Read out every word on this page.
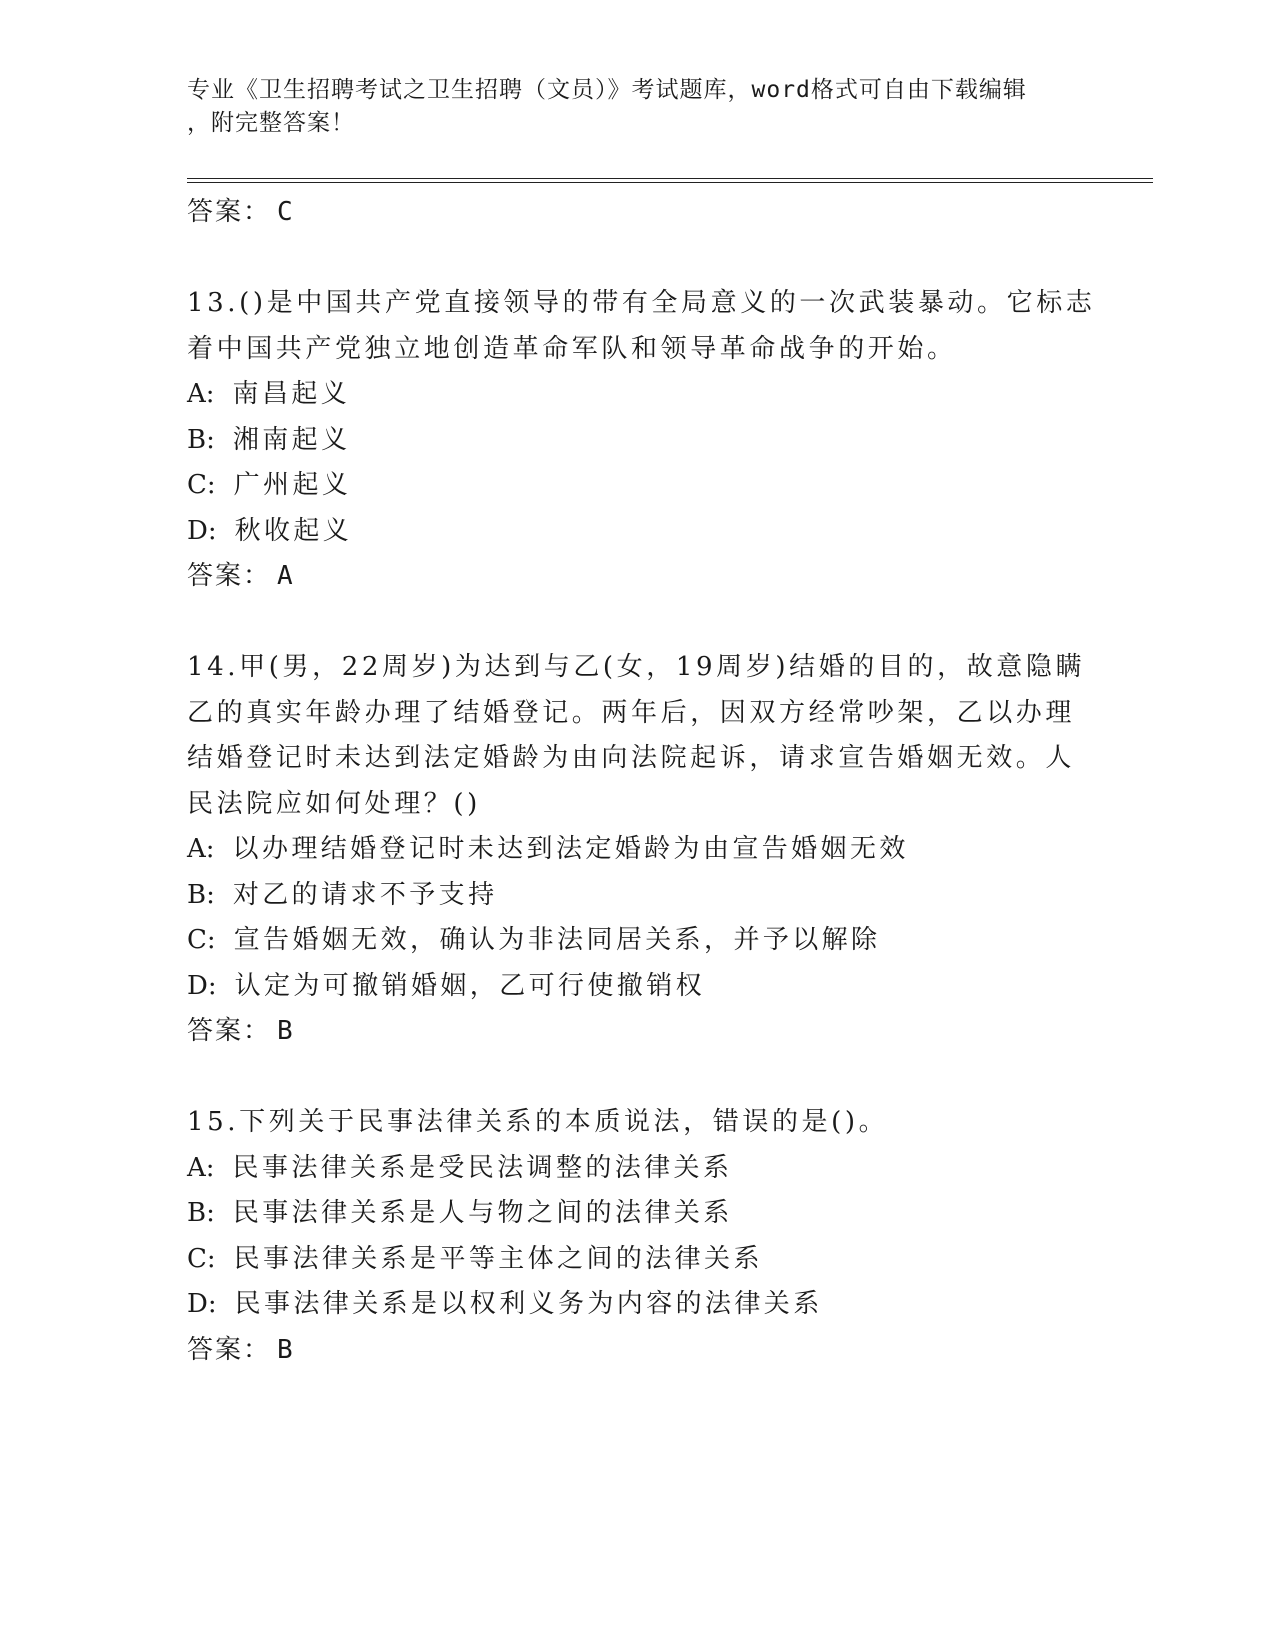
专业《卫生招聘考试之卫生招聘（文员）》考试题库，word格式可自由下载编辑
，附完整答案！
答案： C
13.()是中国共产党直接领导的带有全局意义的一次武装暴动。它标志
着中国共产党独立地创造革命军队和领导革命战争的开始。
A: 南昌起义
B: 湘南起义
C: 广州起义
D: 秋收起义
答案： A
14.甲(男，22周岁)为达到与乙(女，19周岁)结婚的目的，故意隐瞒
乙的真实年龄办理了结婚登记。两年后，因双方经常吵架，乙以办理
结婚登记时未达到法定婚龄为由向法院起诉，请求宣告婚姻无效。人
民法院应如何处理？()
A: 以办理结婚登记时未达到法定婚龄为由宣告婚姻无效
B: 对乙的请求不予支持
C: 宣告婚姻无效，确认为非法同居关系，并予以解除
D: 认定为可撤销婚姻，乙可行使撤销权
答案： B
15.下列关于民事法律关系的本质说法，错误的是()。
A: 民事法律关系是受民法调整的法律关系
B: 民事法律关系是人与物之间的法律关系
C: 民事法律关系是平等主体之间的法律关系
D: 民事法律关系是以权利义务为内容的法律关系
答案： B
